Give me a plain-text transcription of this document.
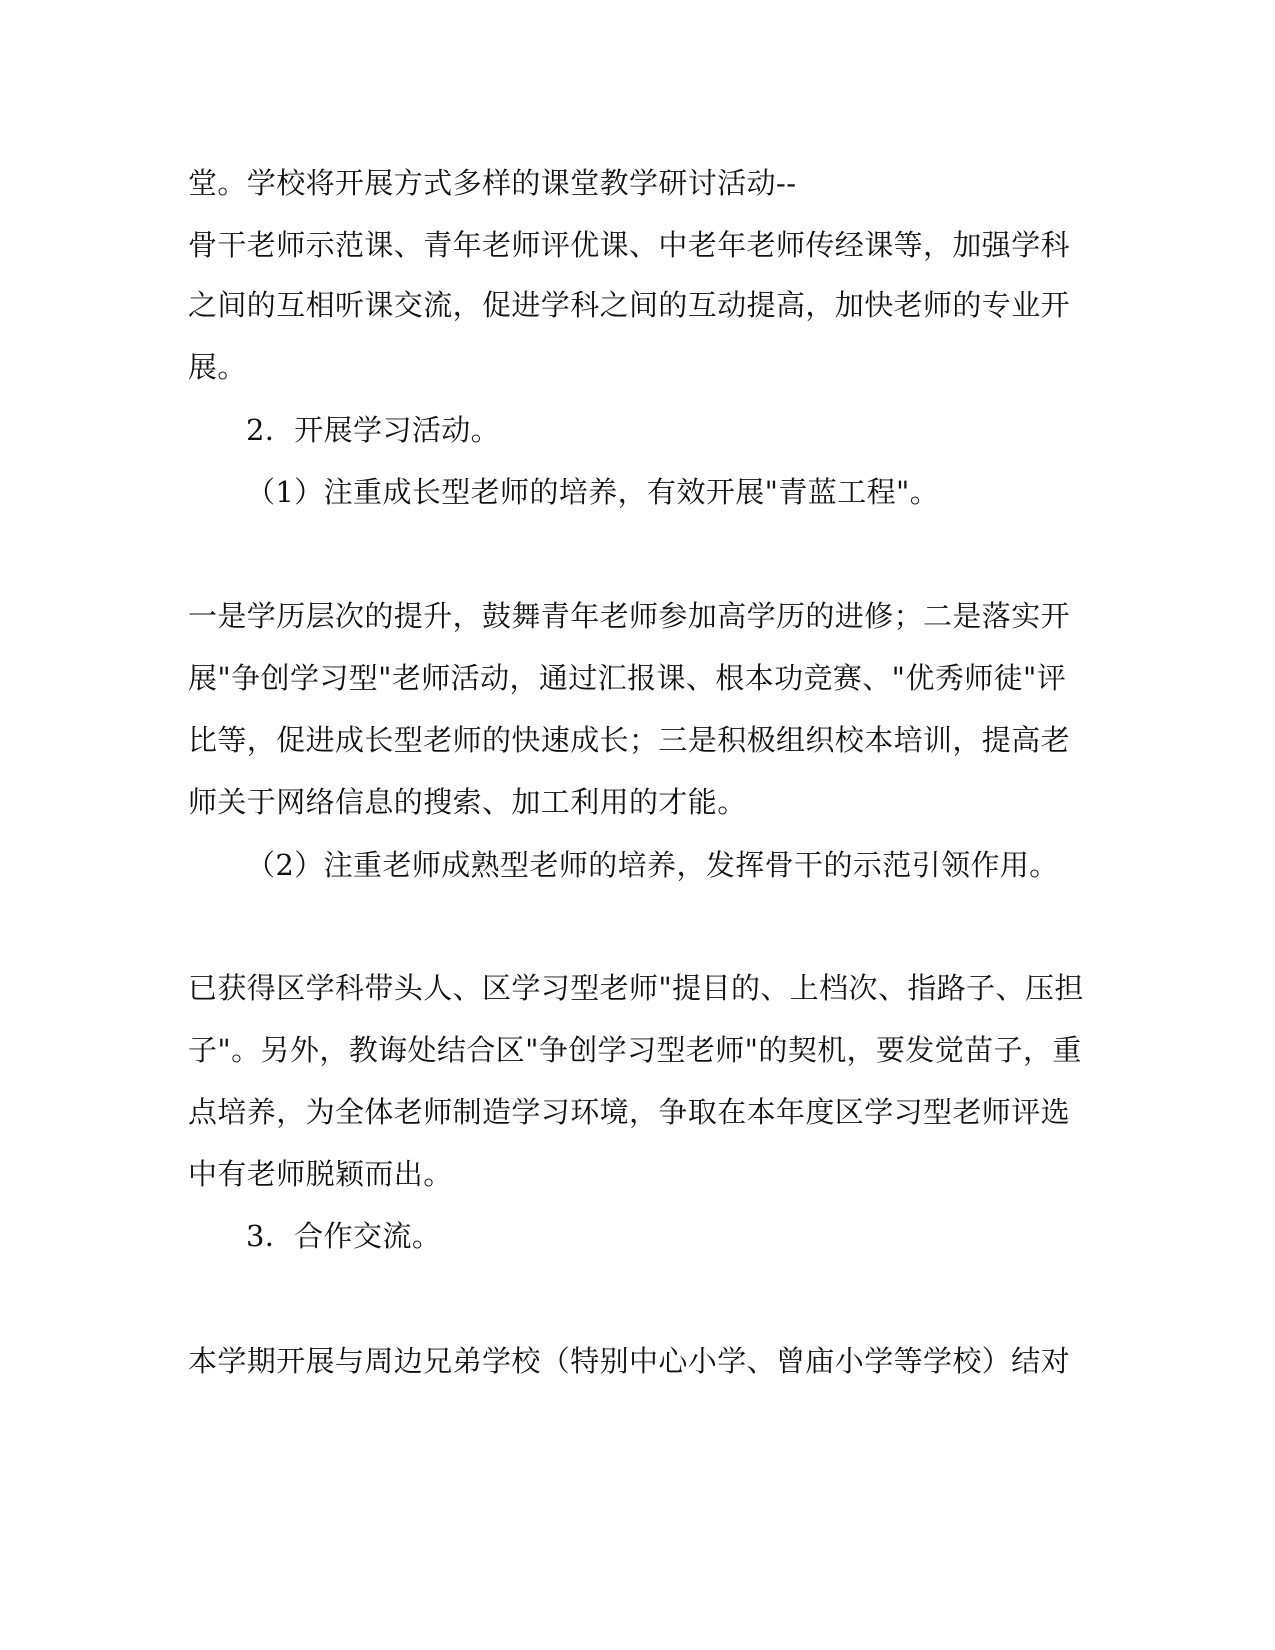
堂。学校将开展方式多样的课堂教学研讨活动--
骨干老师示范课、青年老师评优课、中老年老师传经课等，加强学科
之间的互相听课交流，促进学科之间的互动提高，加快老师的专业开
展。
2．开展学习活动。
（1）注重成长型老师的培养，有效开展"青蓝工程"。
一是学历层次的提升，鼓舞青年老师参加高学历的进修；二是落实开
展"争创学习型"老师活动，通过汇报课、根本功竞赛、"优秀师徒"评
比等，促进成长型老师的快速成长；三是积极组织校本培训，提高老
师关于网络信息的搜索、加工利用的才能。
（2）注重老师成熟型老师的培养，发挥骨干的示范引领作用。
已获得区学科带头人、区学习型老师"提目的、上档次、指路子、压担
子"。另外，教诲处结合区"争创学习型老师"的契机，要发觉苗子，重
点培养，为全体老师制造学习环境，争取在本年度区学习型老师评选
中有老师脱颖而出。
3．合作交流。
本学期开展与周边兄弟学校（特别中心小学、曾庙小学等学校）结对
